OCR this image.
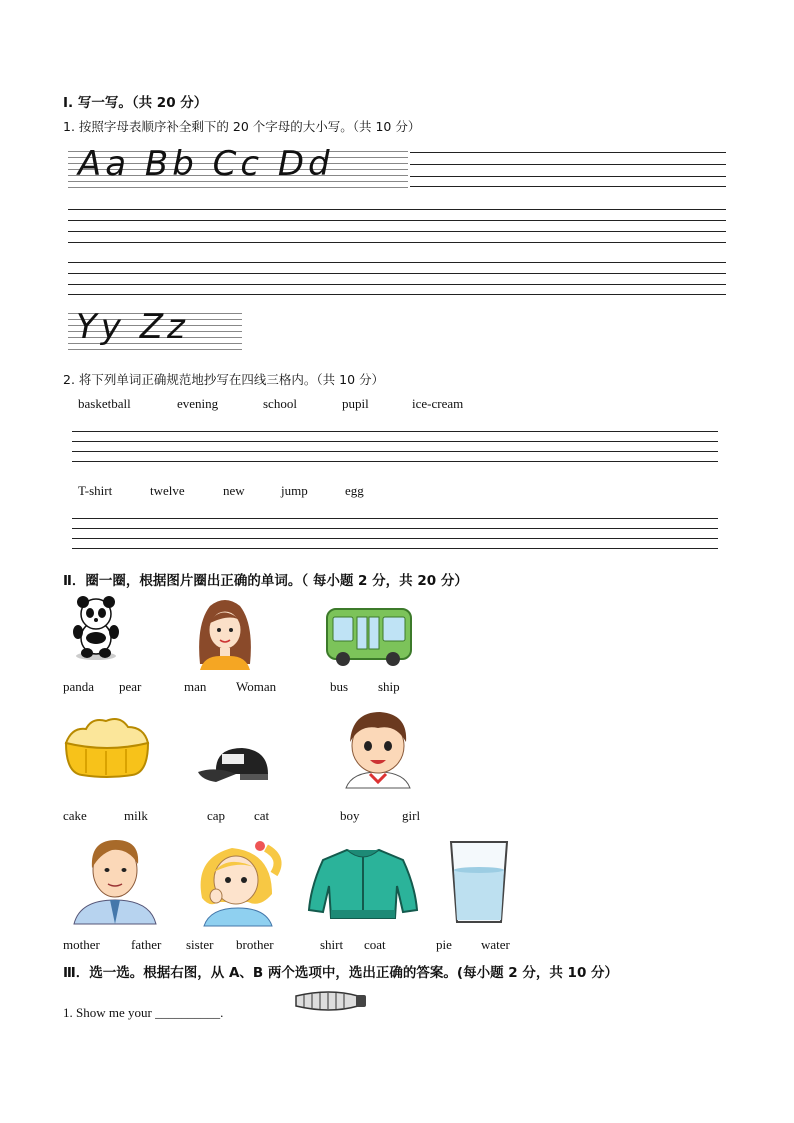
I. 写一写。（共 20 分）
1. 按照字母表顺序补全剩下的 20 个字母的大小写。（共 10 分）
Aa Bb Cc Dd
Yy Zz
2. 将下列单词正确规范地抄写在四线三格内。（共 10 分）
basketball	evening	school	pupil	ice-cream
T-shirt	twelve	new	jump	egg
Ⅱ．圈一圈，根据图片圈出正确的单词。（ 每小题 2 分，共 20 分）
panda pear	man Woman	bus ship
cake	milk	cap cat	boy	girl
mother father sister brother	shirt coat	pie water
Ⅲ．选一选。根据右图，从 A、B 两个选项中，选出正确的答案。(每小题 2 分，共 10 分）
1. Show me your __________.
